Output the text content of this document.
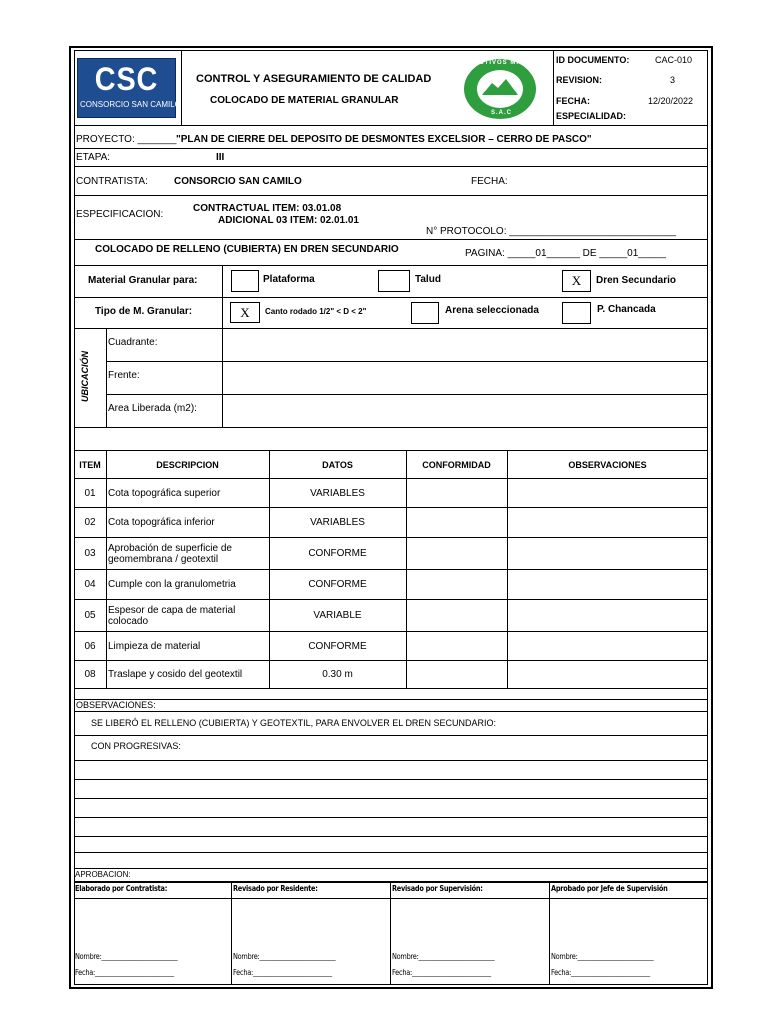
CSC
CONSORCIO SAN CAMILO
CONTROL Y ASEGURAMIENTO DE CALIDAD
COLOCADO DE MATERIAL GRANULAR
ACTIVOS MINEROS
S.A.C
ID DOCUMENTO:	CAC-010
REVISION:	3
FECHA:	12/20/2022
ESPECIALIDAD:
PROYECTO: _______ "PLAN DE CIERRE DEL DEPOSITO DE DESMONTES EXCELSIOR – CERRO DE PASCO"
ETAPA:	III
CONTRATISTA:	CONSORCIO SAN CAMILO	FECHA:
ESPECIFICACION:
CONTRACTUAL ITEM: 03.01.08
ADICIONAL 03 ITEM: 02.01.01
N° PROTOCOLO: ______________________________
COLOCADO DE RELLENO (CUBIERTA) EN DREN SECUNDARIO	PAGINA: _____01______ DE _____01_____
Material Granular para:	Plataforma	Talud	X	Dren Secundario
Tipo de M. Granular:	X	Canto rodado 1/2" < D < 2"	Arena seleccionada	P. Chancada
UBICACIÓN
Cuadrante:
Frente:
Area Liberada (m2):
ITEM	DESCRIPCION	DATOS	CONFORMIDAD	OBSERVACIONES
01	Cota topográfica superior	VARIABLES
02	Cota topográfica inferior	VARIABLES
03	Aprobación de superficie de geomembrana / geotextil	CONFORME
04	Cumple con la granulometria	CONFORME
05	Espesor de capa de material colocado	VARIABLE
06	Limpieza de material	CONFORME
08	Traslape y cosido del geotextil	0.30 m
OBSERVACIONES:
SE LIBERÓ EL RELLENO (CUBIERTA) Y GEOTEXTIL, PARA ENVOLVER EL DREN SECUNDARIO:
CON PROGRESIVAS:
APROBACION:
Elaborado por Contratista:	Revisado por Residente:	Revisado por Supervisión:	Aprobado por Jefe de Supervisión
Nombre:_________________________	Nombre:_________________________	Nombre:_________________________	Nombre:_________________________
Fecha:__________________________	Fecha:__________________________	Fecha:__________________________	Fecha:__________________________
